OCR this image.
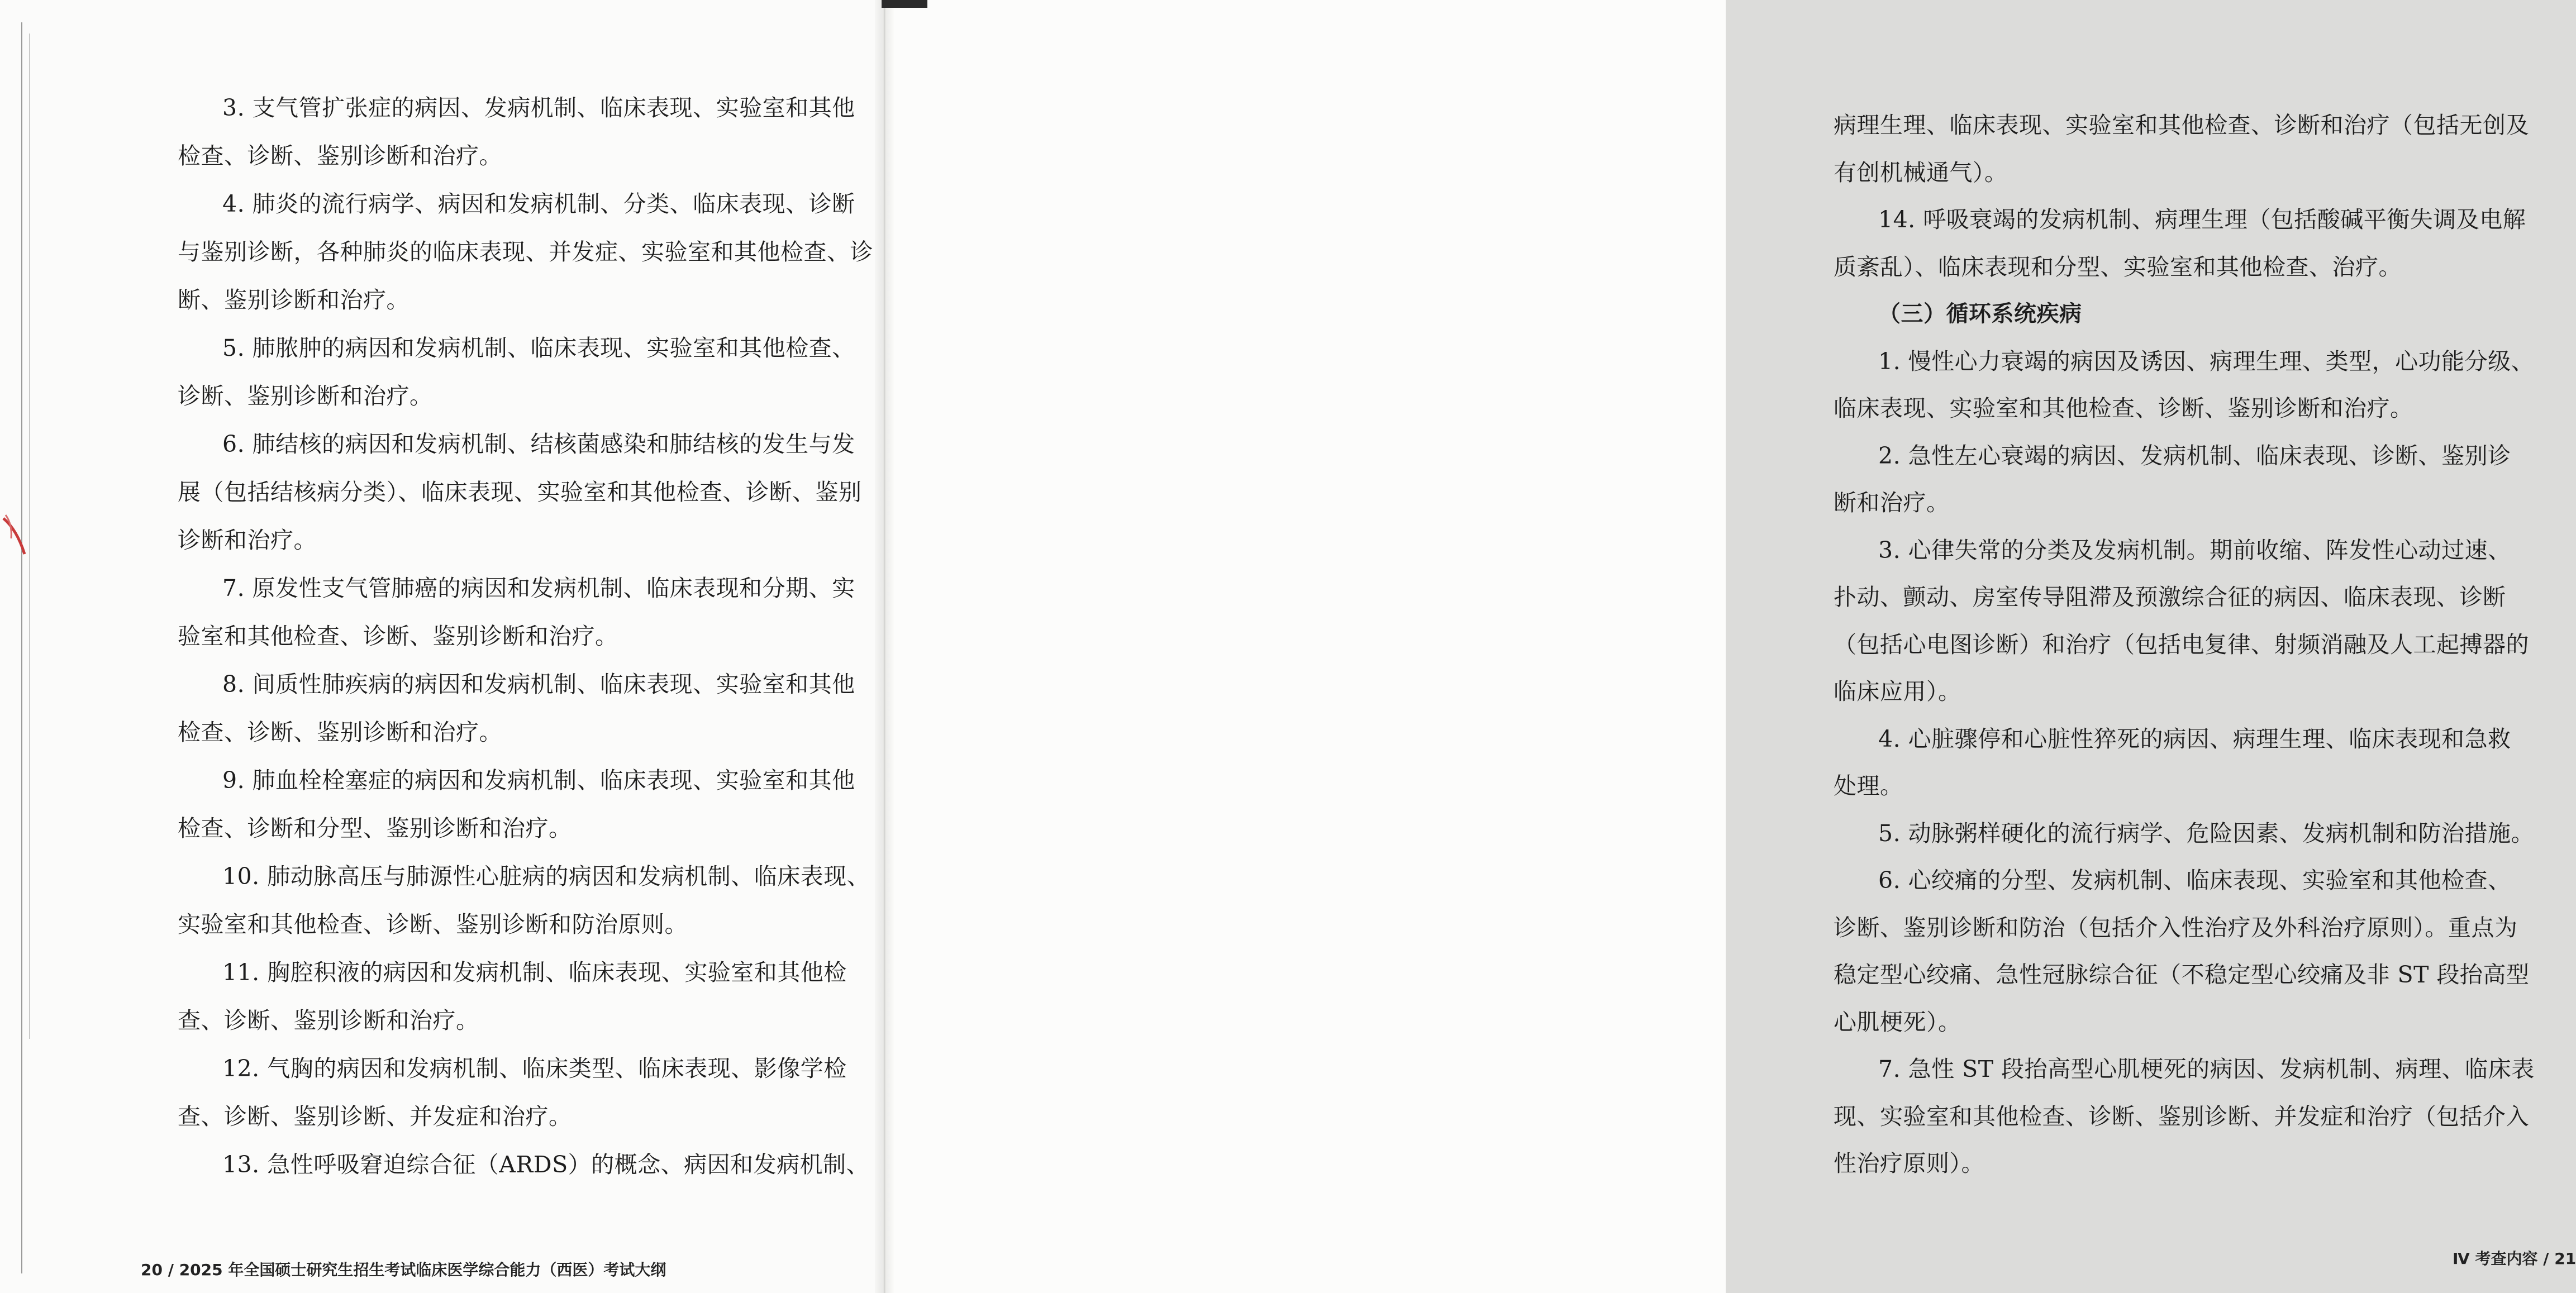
3. 支气管扩张症的病因、发病机制、临床表现、实验室和其他
检查、诊断、鉴别诊断和治疗。
4. 肺炎的流行病学、病因和发病机制、分类、临床表现、诊断
与鉴别诊断，各种肺炎的临床表现、并发症、实验室和其他检查、诊
断、鉴别诊断和治疗。
5. 肺脓肿的病因和发病机制、临床表现、实验室和其他检查、
诊断、鉴别诊断和治疗。
6. 肺结核的病因和发病机制、结核菌感染和肺结核的发生与发
展（包括结核病分类）、临床表现、实验室和其他检查、诊断、鉴别
诊断和治疗。
7. 原发性支气管肺癌的病因和发病机制、临床表现和分期、实
验室和其他检查、诊断、鉴别诊断和治疗。
8. 间质性肺疾病的病因和发病机制、临床表现、实验室和其他
检查、诊断、鉴别诊断和治疗。
9. 肺血栓栓塞症的病因和发病机制、临床表现、实验室和其他
检查、诊断和分型、鉴别诊断和治疗。
10. 肺动脉高压与肺源性心脏病的病因和发病机制、临床表现、
实验室和其他检查、诊断、鉴别诊断和防治原则。
11. 胸腔积液的病因和发病机制、临床表现、实验室和其他检
查、诊断、鉴别诊断和治疗。
12. 气胸的病因和发病机制、临床类型、临床表现、影像学检
查、诊断、鉴别诊断、并发症和治疗。
13. 急性呼吸窘迫综合征（ARDS）的概念、病因和发病机制、
20 / 2025 年全国硕士研究生招生考试临床医学综合能力（西医）考试大纲
病理生理、临床表现、实验室和其他检查、诊断和治疗（包括无创及
有创机械通气）。
14. 呼吸衰竭的发病机制、病理生理（包括酸碱平衡失调及电解
质紊乱）、临床表现和分型、实验室和其他检查、治疗。
（三）循环系统疾病
1. 慢性心力衰竭的病因及诱因、病理生理、类型，心功能分级、
临床表现、实验室和其他检查、诊断、鉴别诊断和治疗。
2. 急性左心衰竭的病因、发病机制、临床表现、诊断、鉴别诊
断和治疗。
3. 心律失常的分类及发病机制。期前收缩、阵发性心动过速、
扑动、颤动、房室传导阻滞及预激综合征的病因、临床表现、诊断
（包括心电图诊断）和治疗（包括电复律、射频消融及人工起搏器的
临床应用）。
4. 心脏骤停和心脏性猝死的病因、病理生理、临床表现和急救
处理。
5. 动脉粥样硬化的流行病学、危险因素、发病机制和防治措施。
6. 心绞痛的分型、发病机制、临床表现、实验室和其他检查、
诊断、鉴别诊断和防治（包括介入性治疗及外科治疗原则）。重点为
稳定型心绞痛、急性冠脉综合征（不稳定型心绞痛及非 ST 段抬高型
心肌梗死）。
7. 急性 ST 段抬高型心肌梗死的病因、发病机制、病理、临床表
现、实验室和其他检查、诊断、鉴别诊断、并发症和治疗（包括介入
性治疗原则）。
Ⅳ 考查内容 / 21
